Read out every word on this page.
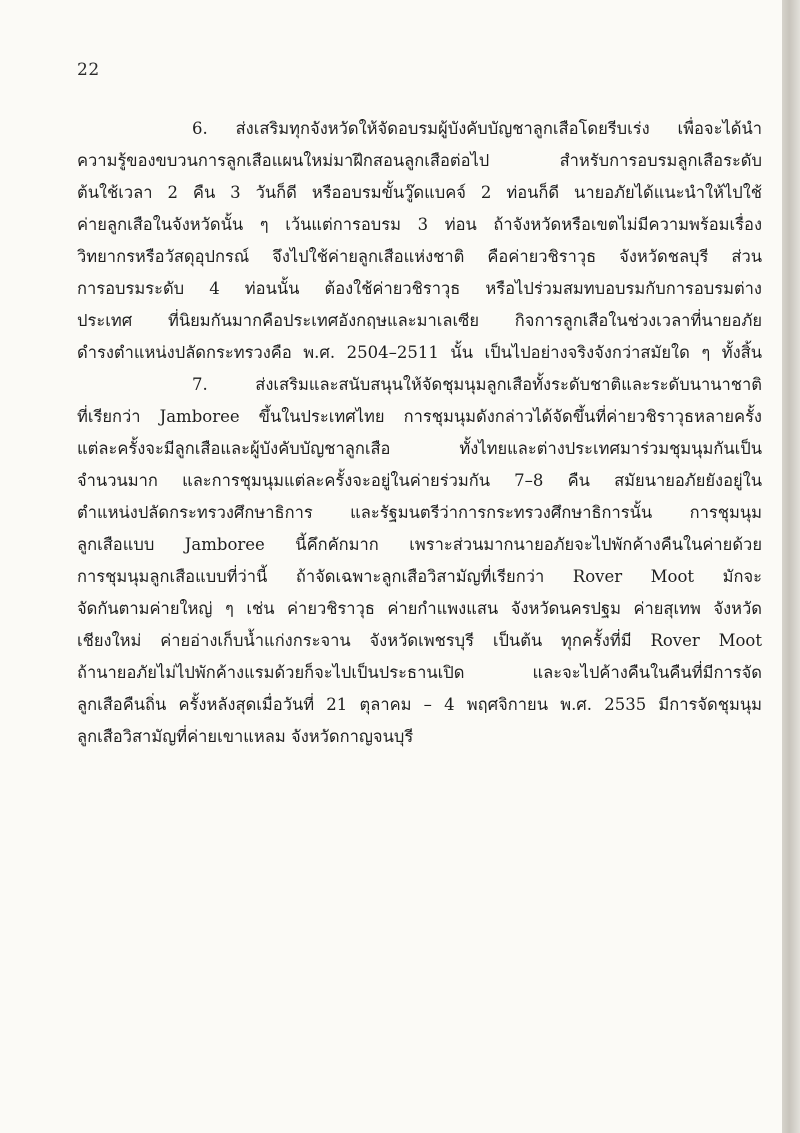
22
6. ส่งเสริมทุกจังหวัดให้จัดอบรมผู้บังคับบัญชาลูกเสือโดยรีบเร่ง เพื่อจะได้นำ
ความรู้ของขบวนการลูกเสือแผนใหม่มาฝึกสอนลูกเสือต่อไป สำหรับการอบรมลูกเสือระดับ
ต้นใช้เวลา 2 คืน 3 วันก็ดี หรืออบรมขั้นวู๊ดแบคจ์ 2 ท่อนก็ดี นายอภัยได้แนะนำให้ไปใช้
ค่ายลูกเสือในจังหวัดนั้น ๆ เว้นแต่การอบรม 3 ท่อน ถ้าจังหวัดหรือเขตไม่มีความพร้อมเรื่อง
วิทยากรหรือวัสดุอุปกรณ์ จึงไปใช้ค่ายลูกเสือแห่งชาติ คือค่ายวชิราวุธ จังหวัดชลบุรี ส่วน
การอบรมระดับ 4 ท่อนนั้น ต้องใช้ค่ายวชิราวุธ หรือไปร่วมสมทบอบรมกับการอบรมต่าง
ประเทศ ที่นิยมกันมากคือประเทศอังกฤษและมาเลเซีย กิจการลูกเสือในช่วงเวลาที่นายอภัย
ดำรงตำแหน่งปลัดกระทรวงคือ พ.ศ. 2504–2511 นั้น เป็นไปอย่างจริงจังกว่าสมัยใด ๆ ทั้งสิ้น
7. ส่งเสริมและสนับสนุนให้จัดชุมนุมลูกเสือทั้งระดับชาติและระดับนานาชาติ
ที่เรียกว่า Jamboree ขึ้นในประเทศไทย การชุมนุมดังกล่าวได้จัดขึ้นที่ค่ายวชิราวุธหลายครั้ง
แต่ละครั้งจะมีลูกเสือและผู้บังคับบัญชาลูกเสือ ทั้งไทยและต่างประเทศมาร่วมชุมนุมกันเป็น
จำนวนมาก และการชุมนุมแต่ละครั้งจะอยู่ในค่ายร่วมกัน 7–8 คืน สมัยนายอภัยยังอยู่ใน
ตำแหน่งปลัดกระทรวงศึกษาธิการ และรัฐมนตรีว่าการกระทรวงศึกษาธิการนั้น การชุมนุม
ลูกเสือแบบ Jamboree นี้คึกคักมาก เพราะส่วนมากนายอภัยจะไปพักค้างคืนในค่ายด้วย
การชุมนุมลูกเสือแบบที่ว่านี้ ถ้าจัดเฉพาะลูกเสือวิสามัญที่เรียกว่า Rover Moot มักจะ
จัดกันตามค่ายใหญ่ ๆ เช่น ค่ายวชิราวุธ ค่ายกำแพงแสน จังหวัดนครปฐม ค่ายสุเทพ จังหวัด
เชียงใหม่ ค่ายอ่างเก็บน้ำแก่งกระจาน จังหวัดเพชรบุรี เป็นต้น ทุกครั้งที่มี Rover Moot
ถ้านายอภัยไม่ไปพักค้างแรมด้วยก็จะไปเป็นประธานเปิด และจะไปค้างคืนในคืนที่มีการจัด
ลูกเสือคืนถิ่น ครั้งหลังสุดเมื่อวันที่ 21 ตุลาคม – 4 พฤศจิกายน พ.ศ. 2535 มีการจัดชุมนุม
ลูกเสือวิสามัญที่ค่ายเขาแหลม จังหวัดกาญจนบุรี
